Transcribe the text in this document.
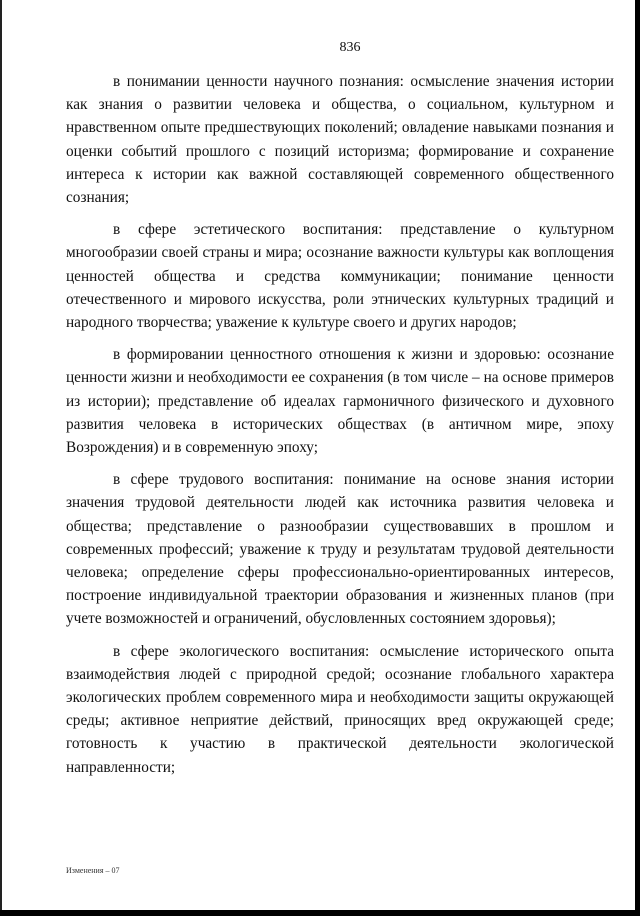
836

в понимании ценности научного познания: осмысление значения истории как знания о развитии человека и общества, о социальном, культурном и нравственном опыте предшествующих поколений; овладение навыками познания и оценки событий прошлого с позиций историзма; формирование и сохранение интереса к истории как важной составляющей современного общественного сознания;

в сфере эстетического воспитания: представление о культурном многообразии своей страны и мира; осознание важности культуры как воплощения ценностей общества и средства коммуникации; понимание ценности отечественного и мирового искусства, роли этнических культурных традиций и народного творчества; уважение к культуре своего и других народов;

в формировании ценностного отношения к жизни и здоровью: осознание ценности жизни и необходимости ее сохранения (в том числе – на основе примеров из истории); представление об идеалах гармоничного физического и духовного развития человека в исторических обществах (в античном мире, эпоху Возрождения) и в современную эпоху;

в сфере трудового воспитания: понимание на основе знания истории значения трудовой деятельности людей как источника развития человека и общества; представление о разнообразии существовавших в прошлом и современных профессий; уважение к труду и результатам трудовой деятельности человека; определение сферы профессионально-ориентированных интересов, построение индивидуальной траектории образования и жизненных планов (при учете возможностей и ограничений, обусловленных состоянием здоровья);

в сфере экологического воспитания: осмысление исторического опыта взаимодействия людей с природной средой; осознание глобального характера экологических проблем современного мира и необходимости защиты окружающей среды; активное неприятие действий, приносящих вред окружающей среде; готовность к участию в практической деятельности экологической направленности;

Изменения – 07
